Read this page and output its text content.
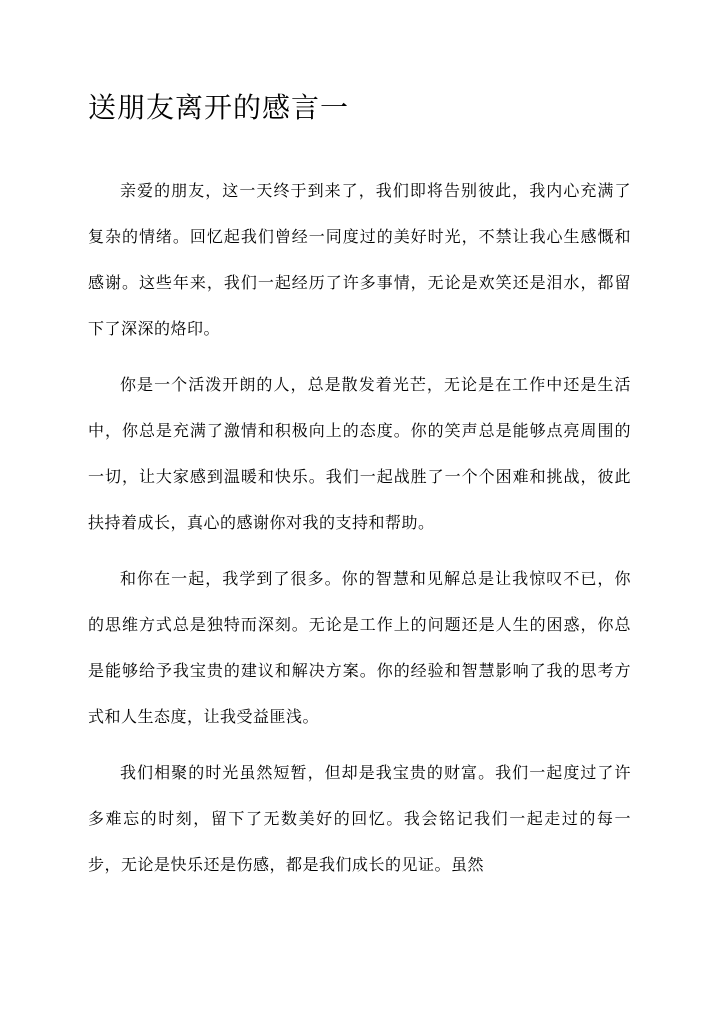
送朋友离开的感言一

亲爱的朋友，这一天终于到来了，我们即将告别彼此，我内心充满了复杂的情绪。回忆起我们曾经一同度过的美好时光，不禁让我心生感慨和感谢。这些年来，我们一起经历了许多事情，无论是欢笑还是泪水，都留下了深深的烙印。

你是一个活泼开朗的人，总是散发着光芒，无论是在工作中还是生活中，你总是充满了激情和积极向上的态度。你的笑声总是能够点亮周围的一切，让大家感到温暖和快乐。我们一起战胜了一个个困难和挑战，彼此扶持着成长，真心的感谢你对我的支持和帮助。

和你在一起，我学到了很多。你的智慧和见解总是让我惊叹不已，你的思维方式总是独特而深刻。无论是工作上的问题还是人生的困惑，你总是能够给予我宝贵的建议和解决方案。你的经验和智慧影响了我的思考方式和人生态度，让我受益匪浅。

我们相聚的时光虽然短暂，但却是我宝贵的财富。我们一起度过了许多难忘的时刻，留下了无数美好的回忆。我会铭记我们一起走过的每一步，无论是快乐还是伤感，都是我们成长的见证。虽然
